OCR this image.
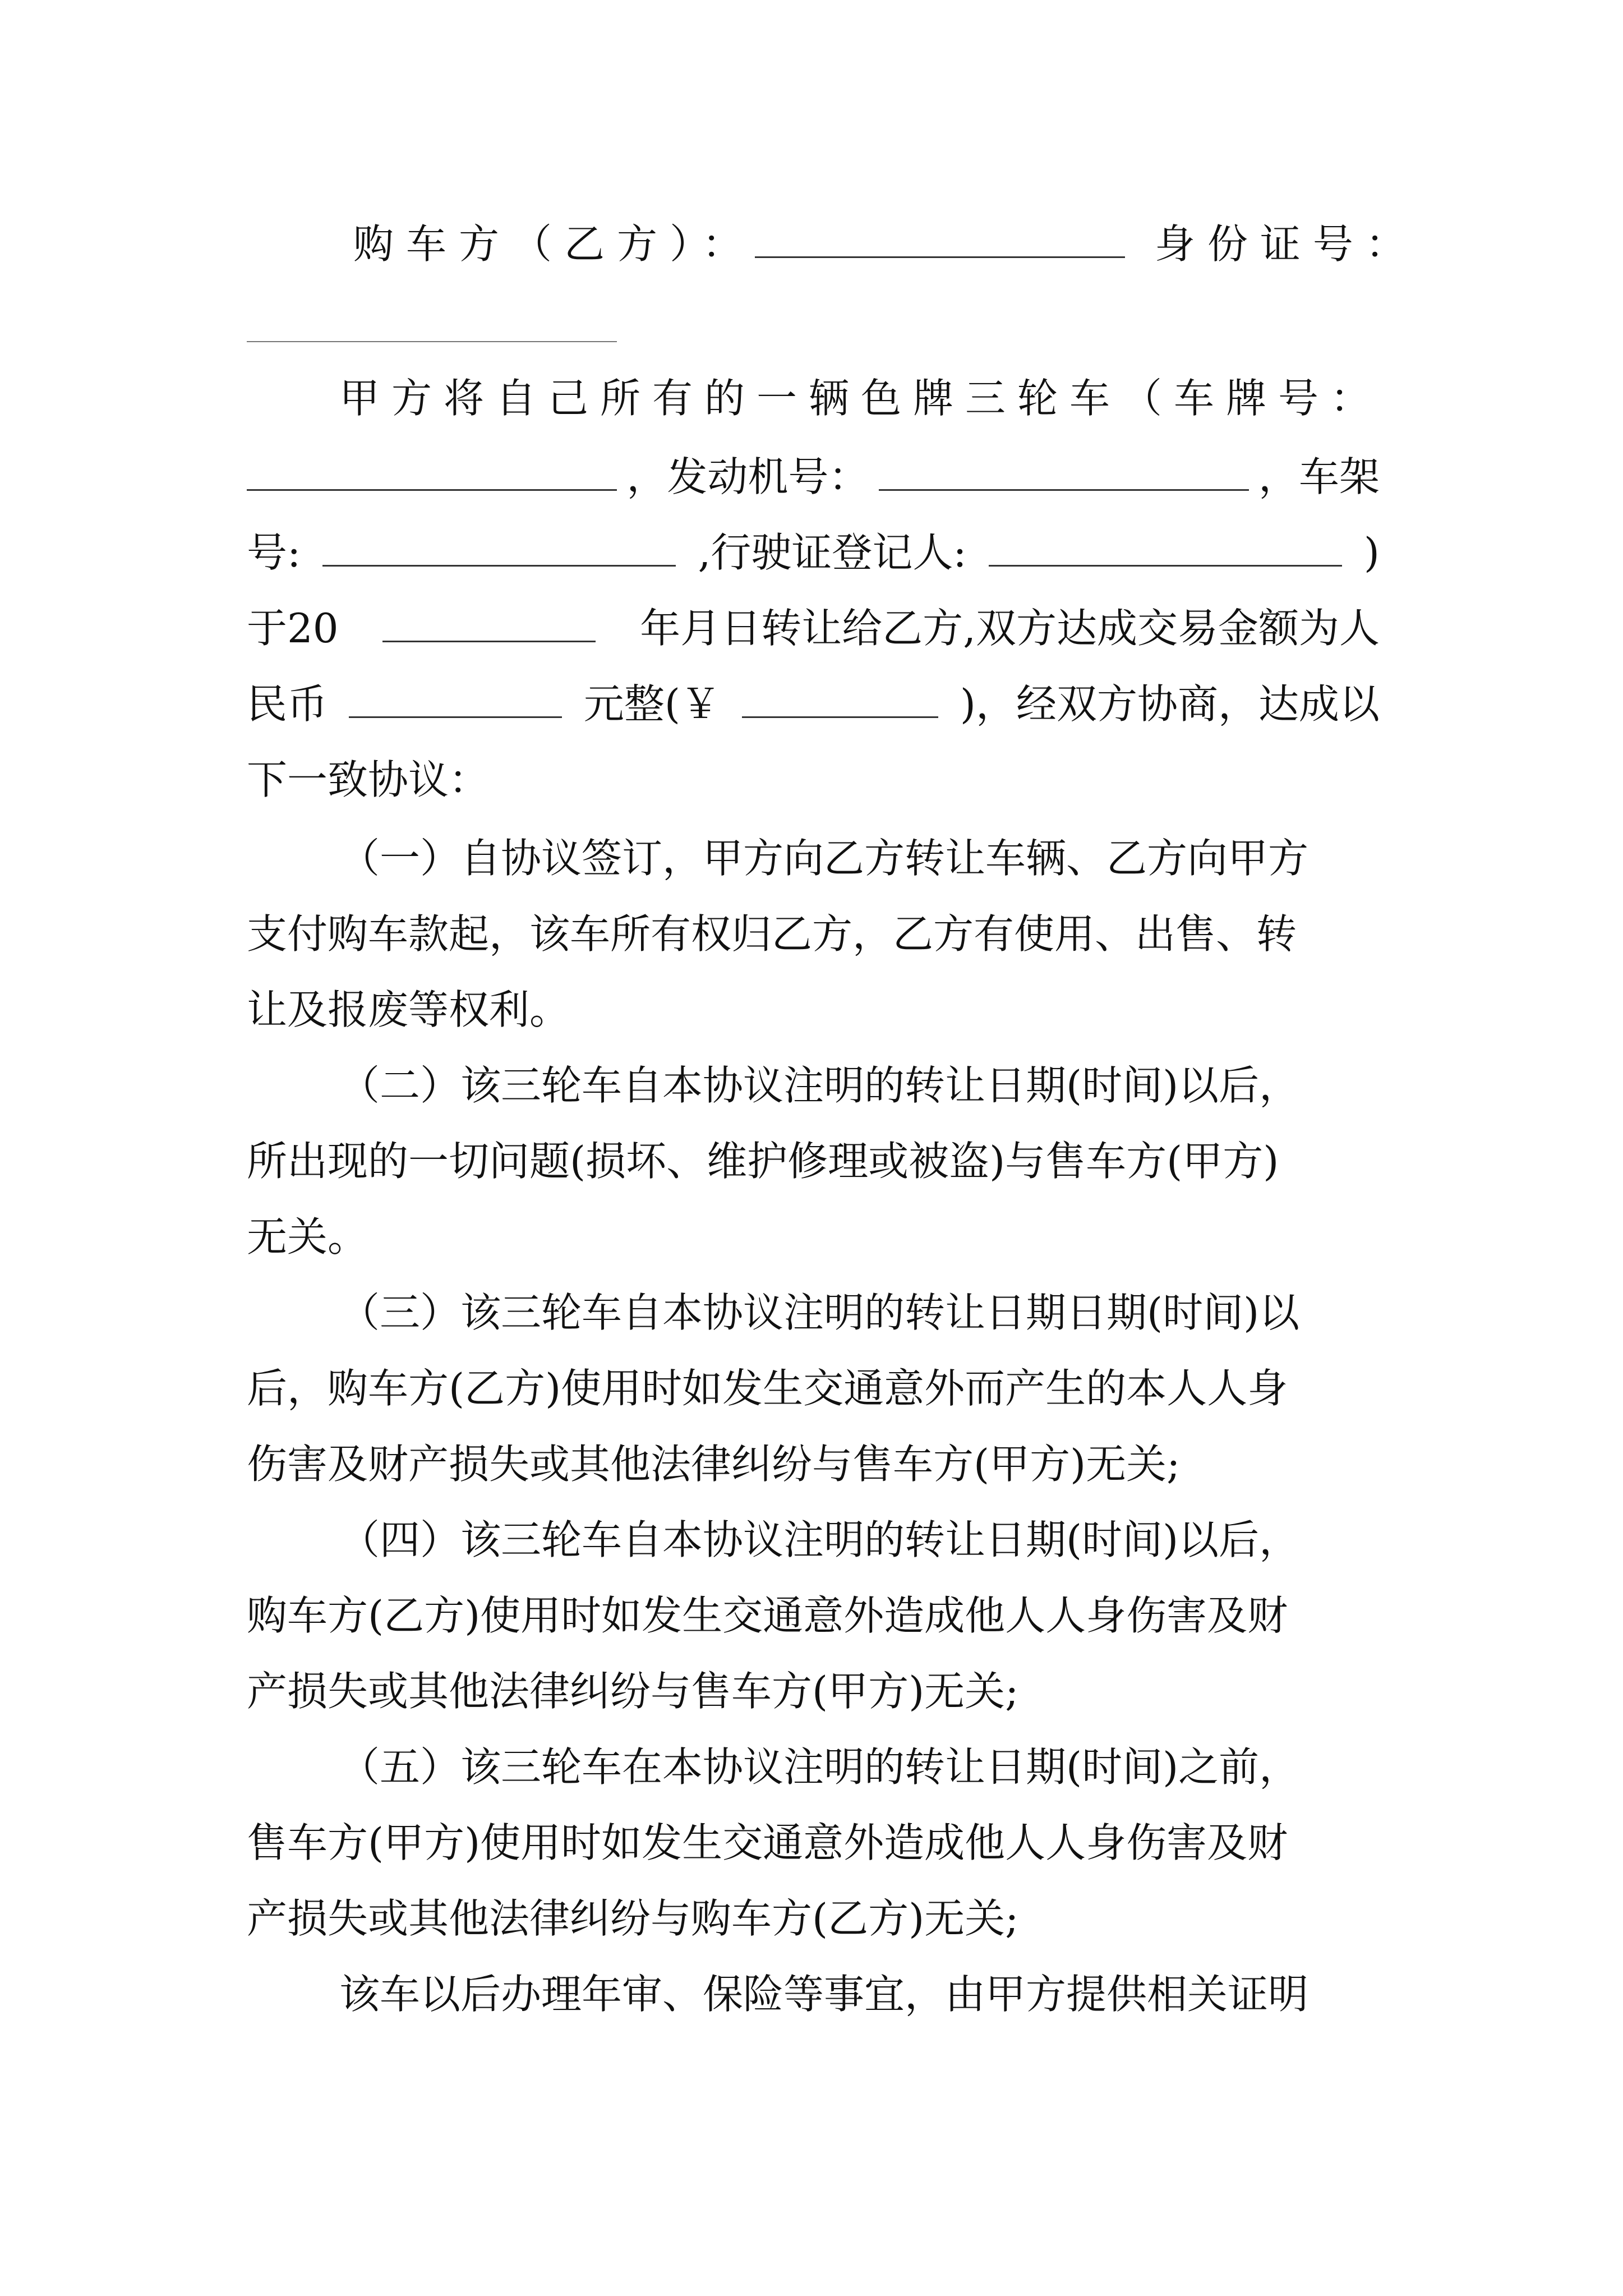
购车方（乙方）：	身份证号：
甲方将自己所有的一辆色牌三轮车（车牌号：
，发动机号：	，车架
号:	,行驶证登记人:	)
于20	年月日转让给乙方,双方达成交易金额为人
民币	元整(￥	)，经双方协商，达成以
下一致协议：
（一）自协议签订，甲方向乙方转让车辆、乙方向甲方
支付购车款起，该车所有权归乙方，乙方有使用、出售、转
让及报废等权利。
（二）该三轮车自本协议注明的转让日期(时间)以后，
所出现的一切问题(损坏、维护修理或被盗)与售车方(甲方)
无关。
（三）该三轮车自本协议注明的转让日期日期(时间)以
后，购车方(乙方)使用时如发生交通意外而产生的本人人身
伤害及财产损失或其他法律纠纷与售车方(甲方)无关;
（四）该三轮车自本协议注明的转让日期(时间)以后，
购车方(乙方)使用时如发生交通意外造成他人人身伤害及财
产损失或其他法律纠纷与售车方(甲方)无关;
（五）该三轮车在本协议注明的转让日期(时间)之前，
售车方(甲方)使用时如发生交通意外造成他人人身伤害及财
产损失或其他法律纠纷与购车方(乙方)无关;
该车以后办理年审、保险等事宜，由甲方提供相关证明
